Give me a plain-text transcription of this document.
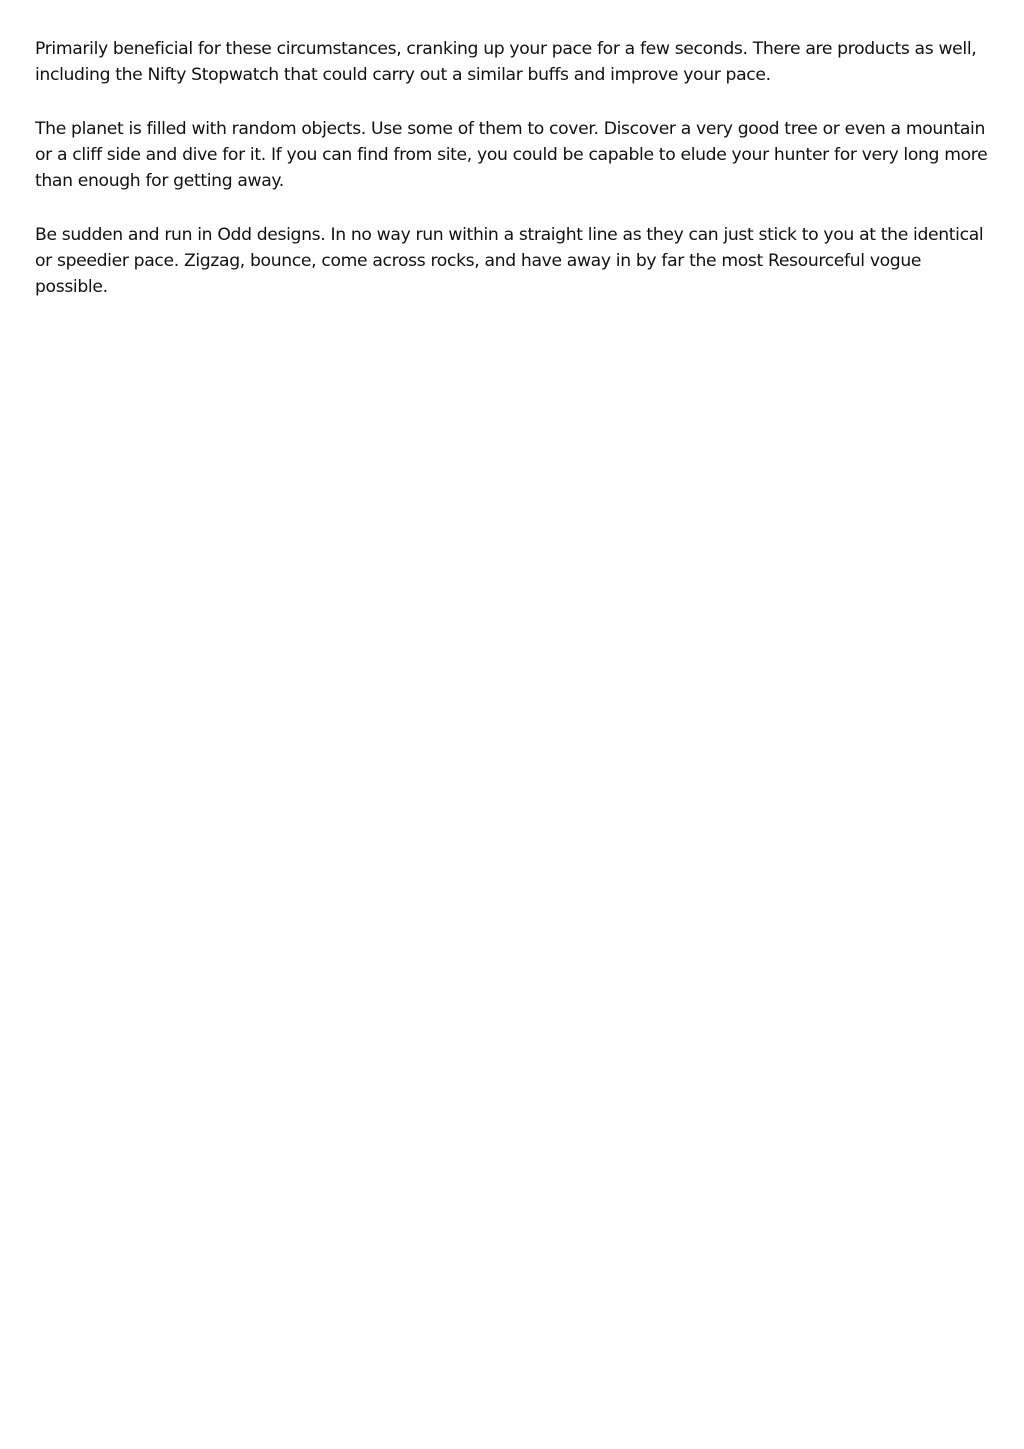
Primarily beneficial for these circumstances, cranking up your pace for a few seconds. There are products as well, including the Nifty Stopwatch that could carry out a similar buffs and improve your pace.

The planet is filled with random objects. Use some of them to cover. Discover a very good tree or even a mountain or a cliff side and dive for it. If you can find from site, you could be capable to elude your hunter for very long more than enough for getting away.

Be sudden and run in Odd designs. In no way run within a straight line as they can just stick to you at the identical or speedier pace. Zigzag, bounce, come across rocks, and have away in by far the most Resourceful vogue possible.
